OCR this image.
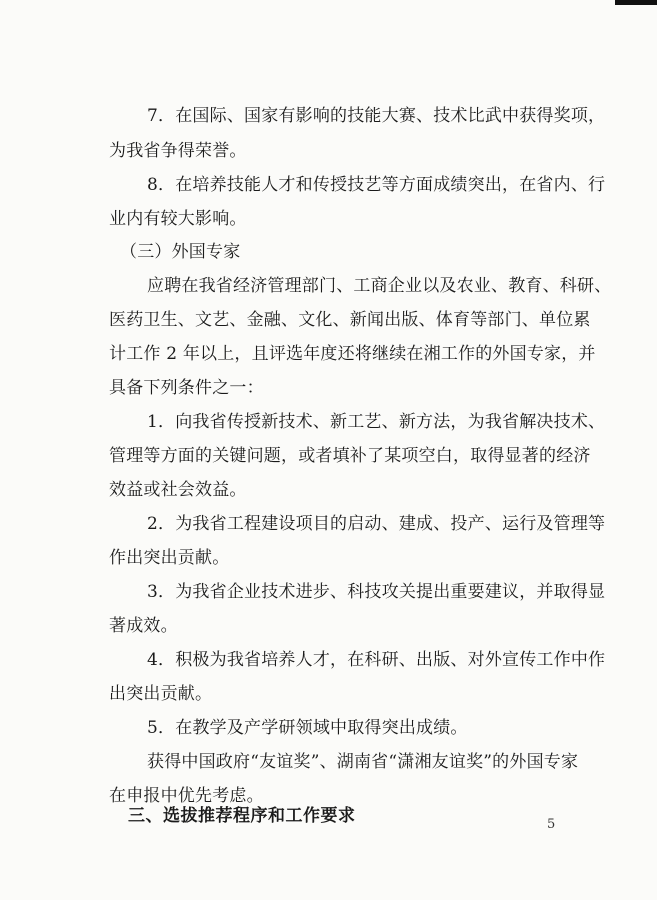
7．在国际、国家有影响的技能大赛、技术比武中获得奖项，
为我省争得荣誉。
8．在培养技能人才和传授技艺等方面成绩突出，在省内、行
业内有较大影响。
（三）外国专家
应聘在我省经济管理部门、工商企业以及农业、教育、科研、
医药卫生、文艺、金融、文化、新闻出版、体育等部门、单位累
计工作 2 年以上，且评选年度还将继续在湘工作的外国专家，并
具备下列条件之一：
1．向我省传授新技术、新工艺、新方法，为我省解决技术、
管理等方面的关键问题，或者填补了某项空白，取得显著的经济
效益或社会效益。
2．为我省工程建设项目的启动、建成、投产、运行及管理等
作出突出贡献。
3．为我省企业技术进步、科技攻关提出重要建议，并取得显
著成效。
4．积极为我省培养人才，在科研、出版、对外宣传工作中作
出突出贡献。
5．在教学及产学研领域中取得突出成绩。
获得中国政府“友谊奖”、湖南省“潇湘友谊奖”的外国专家
在申报中优先考虑。
三、选拔推荐程序和工作要求	5
